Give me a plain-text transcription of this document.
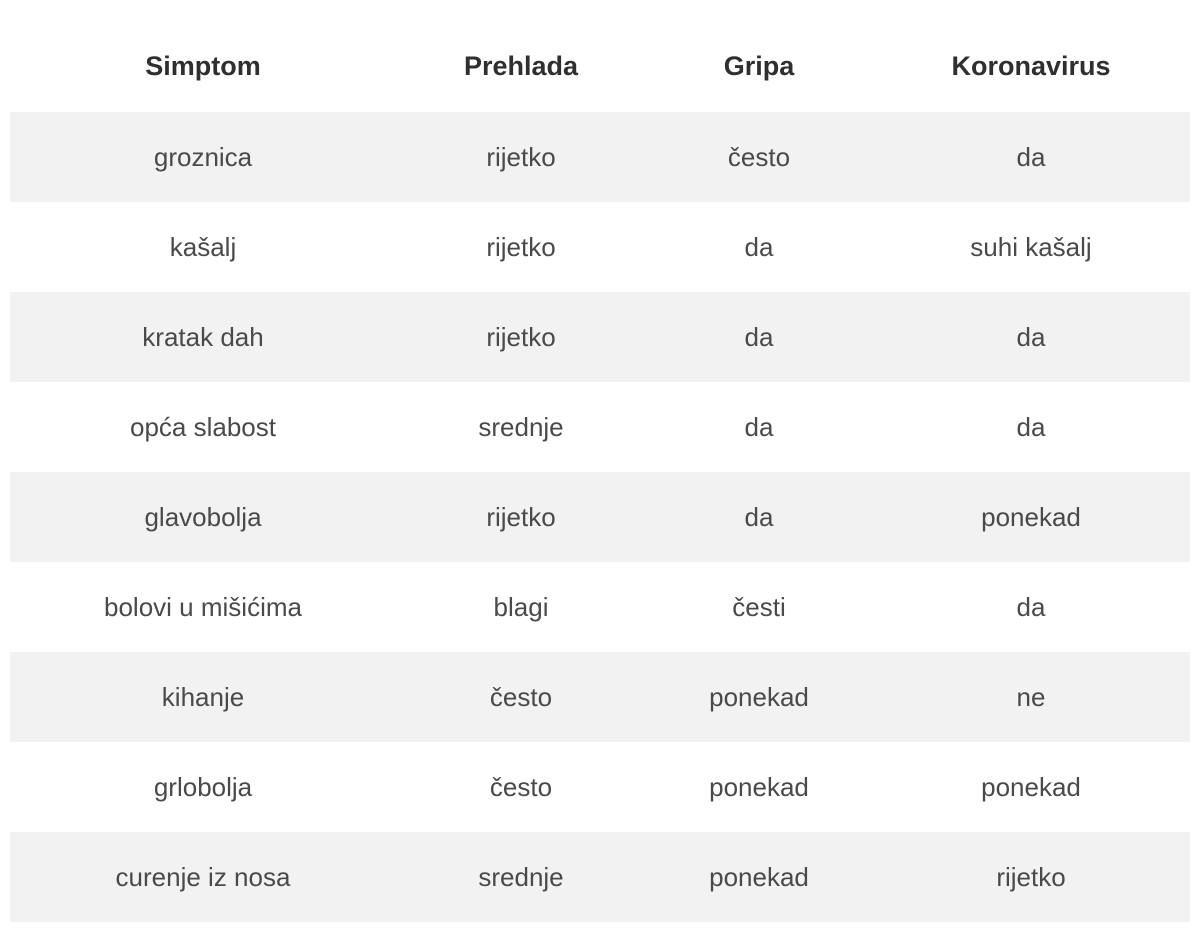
Simptom	Prehlada	Gripa	Koronavirus
groznica	rijetko	često	da
kašalj	rijetko	da	suhi kašalj
kratak dah	rijetko	da	da
opća slabost	srednje	da	da
glavobolja	rijetko	da	ponekad
bolovi u mišićima	blagi	česti	da
kihanje	često	ponekad	ne
grlobolja	često	ponekad	ponekad
curenje iz nosa	srednje	ponekad	rijetko
